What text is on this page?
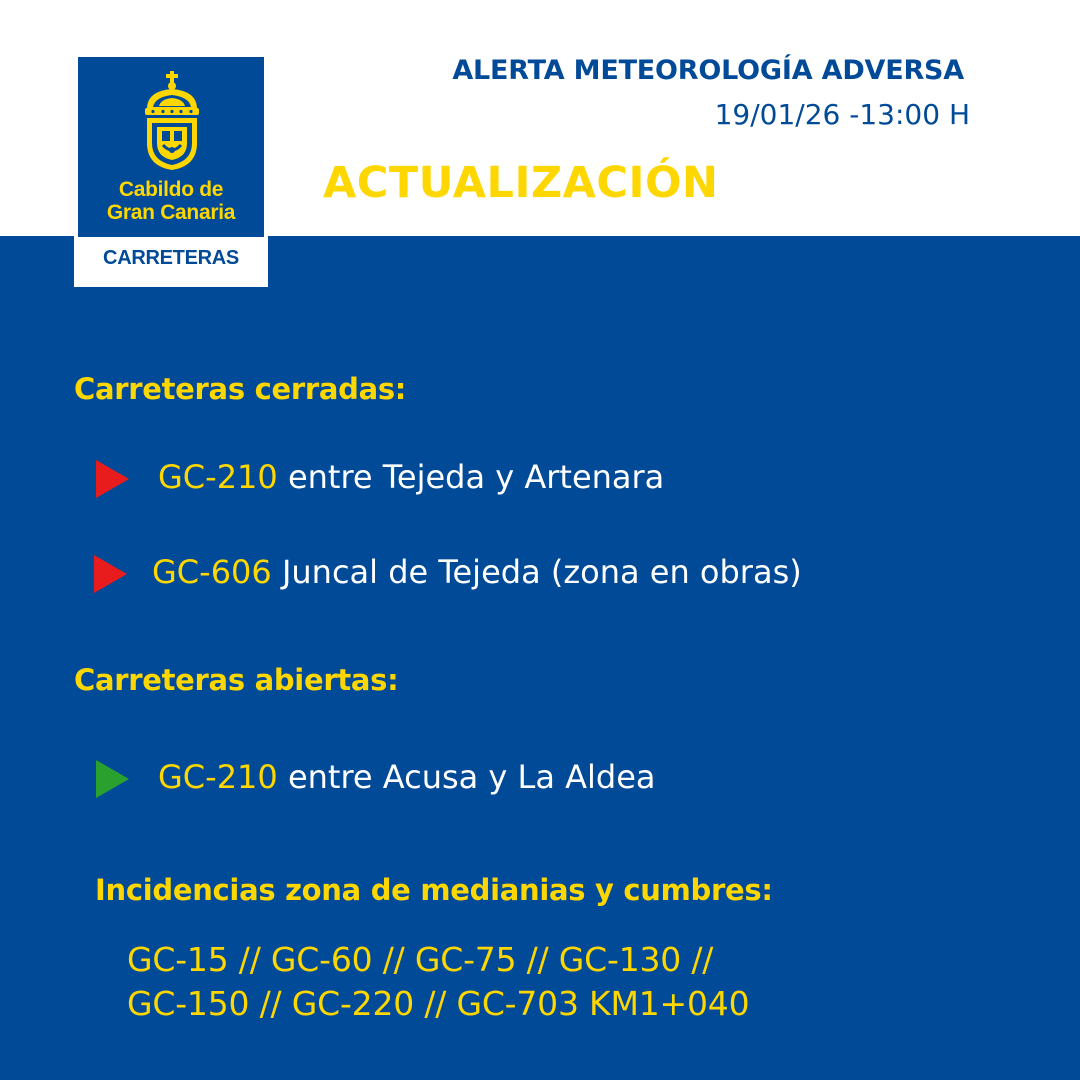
Cabildo de
Gran Canaria
CARRETERAS
ALERTA METEOROLOGÍA ADVERSA
19/01/26 -13:00 H
ACTUALIZACIÓN
Carreteras cerradas:
GC-210 entre Tejeda y Artenara
GC-606 Juncal de Tejeda (zona en obras)
Carreteras abiertas:
GC-210 entre Acusa y La Aldea
Incidencias zona de medianias y cumbres:
GC-15 // GC-60 // GC-75 // GC-130 //
GC-150 // GC-220 // GC-703 KM1+040
